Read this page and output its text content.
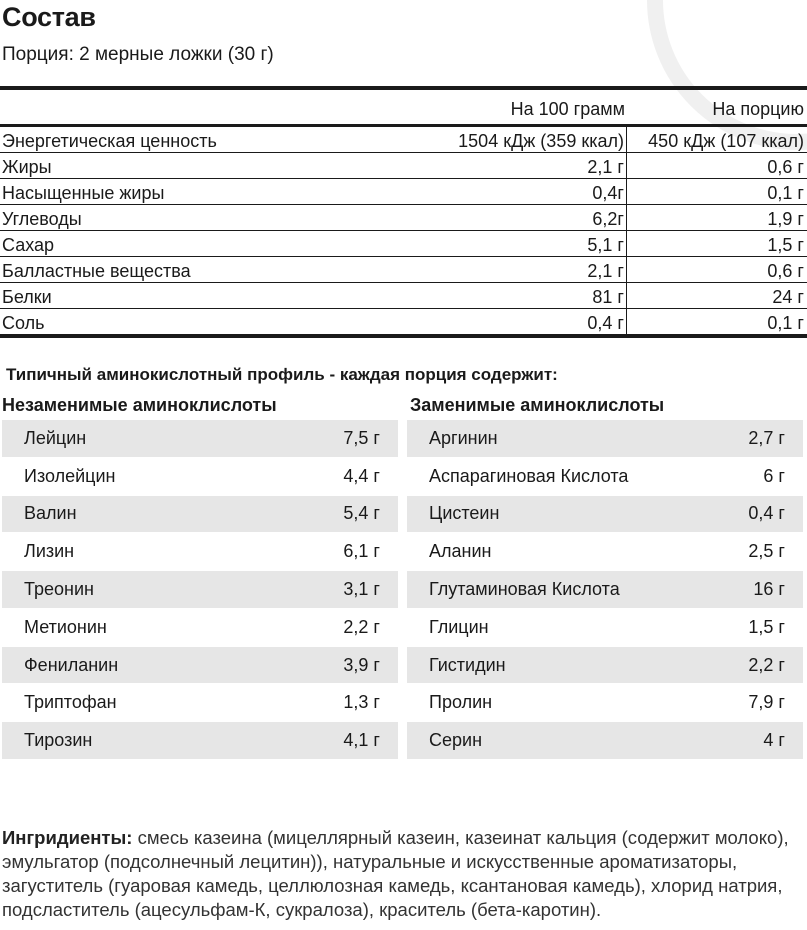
Состав
Порция: 2 мерные ложки (30 г)
На 100 грамм	На порцию
Энергетическая ценность	1504 кДж (359 ккал)	450 кДж (107 ккал)
Жиры	2,1 г	0,6 г
Насыщенные жиры	0,4г	0,1 г
Углеводы	6,2г	1,9 г
Сахар	5,1 г	1,5 г
Балластные вещества	2,1 г	0,6 г
Белки	81 г	24 г
Соль	0,4 г	0,1 г
Типичный аминокислотный профиль - каждая порция содержит:
Незаменимые аминоклислоты	Заменимые аминоклислоты
Лейцин	7,5 г
Изолейцин	4,4 г
Валин	5,4 г
Лизин	6,1 г
Треонин	3,1 г
Метионин	2,2 г
Фениланин	3,9 г
Триптофан	1,3 г
Тирозин	4,1 г
Аргинин	2,7 г
Аспарагиновая Кислота	6 г
Цистеин	0,4 г
Аланин	2,5 г
Глутаминовая Кислота	16 г
Глицин	1,5 г
Гистидин	2,2 г
Пролин	7,9 г
Серин	4 г
Ингридиенты: смесь казеина (мицеллярный казеин, казеинат кальция (содержит молоко), эмульгатор (подсолнечный лецитин)), натуральные и искусственные ароматизаторы, загуститель (гуаровая камедь, целлюлозная камедь, ксантановая камедь), хлорид натрия, подсластитель (ацесульфам-К, сукралоза), краситель (бета-каротин).
